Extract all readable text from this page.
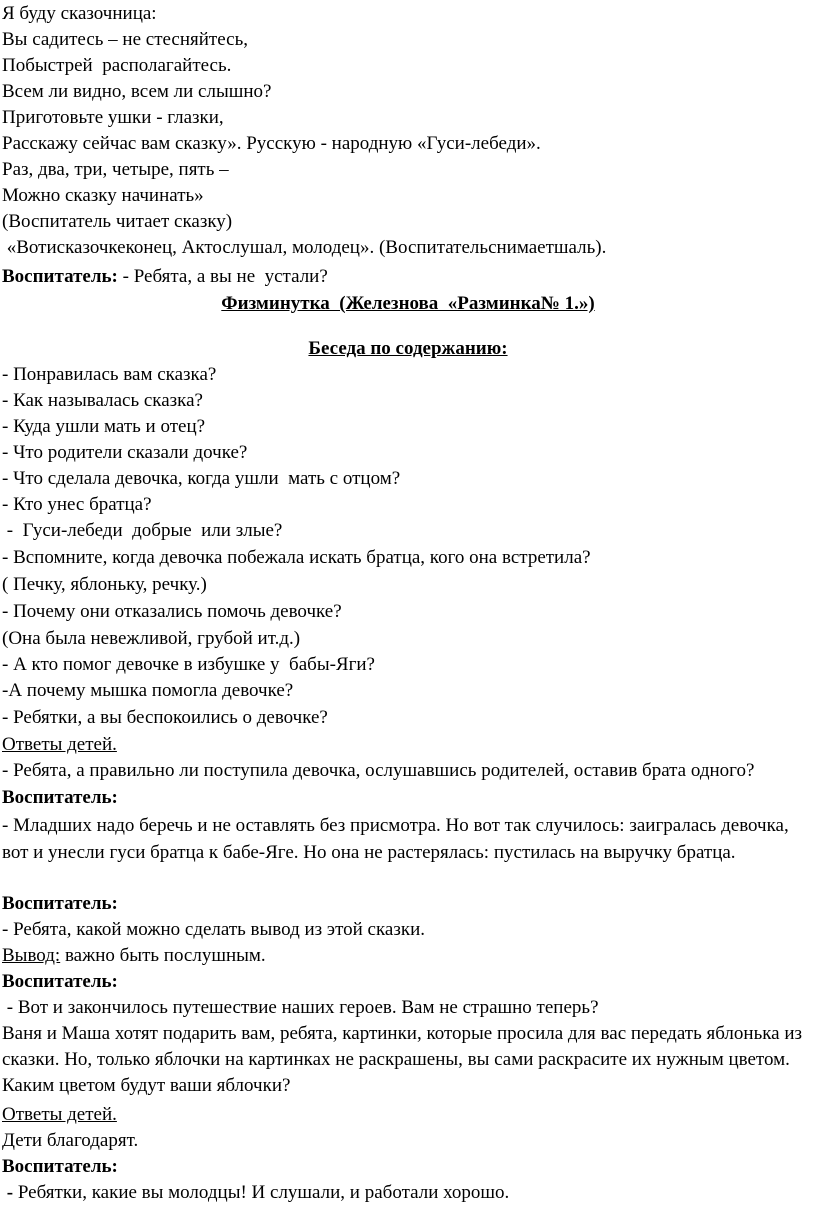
Я буду сказочница:
Вы садитесь – не стесняйтесь,
Побыстрей  располагайтесь.
Всем ли видно, всем ли слышно?
Приготовьте ушки - глазки,
Расскажу сейчас вам сказку». Русскую - народную «Гуси-лебеди».
Раз, два, три, четыре, пять –
Можно сказку начинать»
(Воспитатель читает сказку)
«Вотисказочкеконец, Актослушал, молодец». (Воспитательснимаетшаль).
Воспитатель: - Ребята, а вы не  устали?
Физминутка  (Железнова  «Разминка№ 1.»)
Беседа по содержанию:
- Понравилась вам сказка?
- Как называлась сказка?
- Куда ушли мать и отец?
- Что родители сказали дочке?
- Что сделала девочка, когда ушли  мать с отцом?
- Кто унес братца?
-  Гуси-лебеди  добрые  или злые?
- Вспомните, когда девочка побежала искать братца, кого она встретила?
( Печку, яблоньку, речку.)
- Почему они отказались помочь девочке?
(Она была невежливой, грубой ит.д.)
- А кто помог девочке в избушке у  бабы-Яги?
-А почему мышка помогла девочке?
- Ребятки, а вы беспокоились о девочке?
Ответы детей.
- Ребята, а правильно ли поступила девочка, ослушавшись родителей, оставив брата одного?
Воспитатель:
- Младших надо беречь и не оставлять без присмотра. Но вот так случилось: заигралась девочка, вот и унесли гуси братца к бабе-Яге. Но она не растерялась: пустилась на выручку братца.
Воспитатель:
- Ребята, какой можно сделать вывод из этой сказки.
Вывод: важно быть послушным.
Воспитатель:
- Вот и закончилось путешествие наших героев. Вам не страшно теперь?
Ваня и Маша хотят подарить вам, ребята, картинки, которые просила для вас передать яблонька из сказки. Но, только яблочки на картинках не раскрашены, вы сами раскрасите их нужным цветом. Каким цветом будут ваши яблочки?
Ответы детей.
Дети благодарят.
Воспитатель:
- Ребятки, какие вы молодцы! И слушали, и работали хорошо.
